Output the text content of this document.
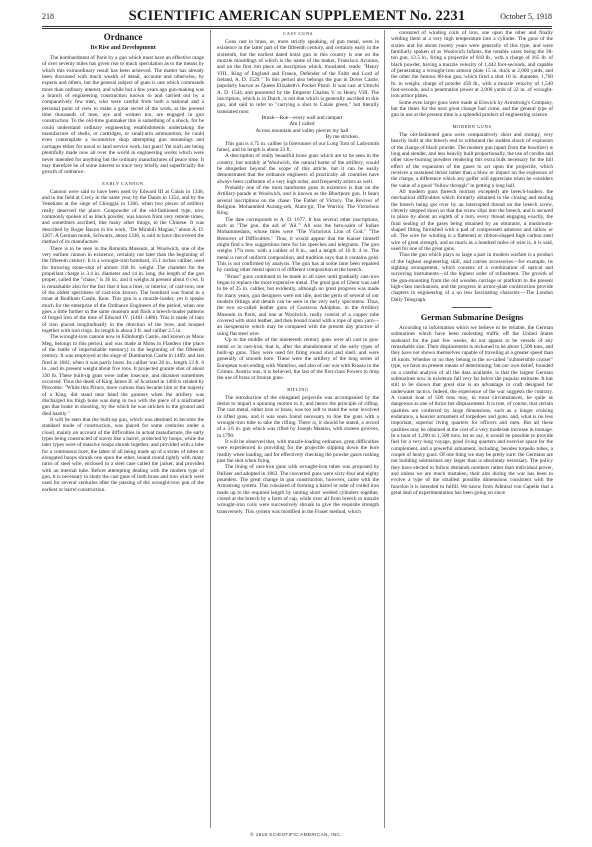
218	SCIENTIFIC AMERICAN SUPPLEMENT No. 2231	October 5, 1918
Ordnance
Its Rise and Development

The bombardment of Paris by a gun which must have an effective range of over seventy miles has given rise to much speculation as to the means by which this extraordinary result has been achieved. The matter has already been discussed with much wealth of detail, accurate and otherwise, by experts and others, but the general subject of guns is one which commands more than ordinary interest, and while but a few years ago gun-making was a branch of engineering construction known to and carried out by a comparatively few men, who were careful from both a national and a personal point of view to make a great secret of the work, at the present time thousands of men, aye and women too, are engaged in gun construction. To the old-time gunmaker this is something of a shock, for he could understand ordinary engineering establishments undertaking the manufacture of shells, or cartridges, or small-arm ammunition; he could even contemplate a locomotive shop attempting gun mountings and carriages either for naval or land service work, but guns! Yet such are being plentifully made now all over the world in engineering works which were never intended for anything but the ordinary manufactures of peace time. It may therefore be of some interest to trace very briefly and superficially the growth of ordnance.

EARLY CANNON

Cannon were said to have been used by Edward III at Calais in 1346, and in the field at Crecy in the same year, by the Danes in 1354, and by the Venetians at the siege of Chioggia in 1366, when two pieces of artillery really deserved the place. Gunpowder of the old-fashioned type, now commonly spoken of as black powder, was known from very remote times, and sometimes ascribed, like many other things, to the Chinese. It was described by Roger Bacon in his work, "De Mirabili Magiae," about A. D. 1267. A German monk, Schwartz, about 1336, is said to have discovered the method of its manufacture.

There is to be seen in the Rotunda Museum, at Woolwich, one of the very earliest cannon in existence, certainly not later than the beginning of the fifteenth century. It is a wrought-iron bombard, 15.1 inches caliber, used for throwing stone-shot of almost 160 lb. weight. The chamber for the propellant charge is 3.4 in. diameter and 14 in. long, the length of the gun proper, called the "chase," is 36 in., and it weighs at present about 6 cwt. It is remarkable also for the fact that it has a liner, or interior, of cast-iron, one of the oldest specimens of cast-iron known. The bombard was found in a moat at Bodiham Castle, Kent. This gun is a muzzle-loader, yet it speaks much for the enterprise of the Ordnance Engineers of the period, when one goes a little further in the same museum and finds a breech-loader patterns of forged iron of the time of Edward IV. (1461-1480). This is made of bars of iron placed longitudinally in the direction of the bore, and hooped together with iron rings. Its length is about 3 ft. and caliber 2.5 in.

The wrought-iron cannon now in Edinburgh Castle, and known as Mons Meg, belongs to this period, and was made at Mons in Flanders (the place of the battle of imperishable memory) in the beginning of the fifteenth century. It was employed at the siege of Dumbarton Castle in 1489, and last fired in 1682, when it was partly burst. Its caliber was 20 in., length 13 ft. 6 in., and its present weight about five tons. It projected granite shot of about 330 lb. These built-up guns were rather insecure, and disasters sometimes occurred. Thus the death of King James II. of Scotland in 1460 is related by Pitscottie: "While this Prince, more curious than became him or the majesty of a King, did stand near hand the gunners when the artillery was discharged his thigh bone was dung in two with the piece of a misframed gun that brake in shooting, by the which he was stricken to the ground and died hastily."

It will be seen that the built-up gun, which was destined to become the standard mode of construction, was placed for some centuries under a cloud, mainly on account of the difficulties in actual manufacture, the early types being constructed of staves like a barrel, protected by hoops, while the later types were of massive hoops shrunk together, and provided with a tube for a continuous bore, the latest of all being made up of a series of tubes or elongated hoops shrunk one upon the other, bound round tightly with many turns of steel wire, enclosed in a steel case called the jacket, and provided with an internal tube. Before attempting dealing with the modern type of gun, it is necessary to study the cast guns of both brass and iron which were used for several centuries after the passing of the wrought-iron gun of the earliest or barrel construction.

CAST GUNS

Guns cast in brass, or, more strictly speaking, of gun metal, were in existence in the latter part of the fifteenth century, and certainly early in the sixteenth, but the earliest dated brass gun in this country is one on the muzzle mouldings of which is the name of the maker, Francisco Arcanus, and on the first rim piece an inscription which, translated, reads: "Henry VIII., King of England and France, Defender of the Faith and Lord of Ireland, A. D. 1529." To this period also belongs the gun in Dover Castle, popularly known as Queen Elizabeth's Pocket Pistol. It was cast at Utrecht A. D. 1544, and presented by the Emperor Charles V. to Henry VIII. The inscription, which is in Dutch, is not that which is generally ascribed to this gun, and said to refer to "carrying a shot to Calais green," but literally translated runs:

Break—Rue—every wall and rampart

Am I called

Across mountain and valley pierces my ball

By me stricken.

This gun is 4.75 in. caliber (a forerunner of our Long Tom of Ladysmith fame), and its length is about 23 ft.

A description of really beautiful brass guns which are to be seen in the country, but notably at Woolwich, the natural home of the artillery, would be altogether beyond the scope of this article, but it can be easily demonstrated that the ordnance engineers of practically all countries have always been craftsmen of a very high order, and frequently artists as well.

Probably one of the most handsome guns in existence is that on the Artillery-parade at Woolwich, and is known as the Bhurtpore gun. It bears several inscriptions on the chase: The Father of Victory. The Reviver of Religion. Mohammed Aurang-zeb, Alam-gir, The Warrior, The Victorious King.

The date corresponds to A. D. 1677. It has several other inscriptions, such as "The gun, the aid of 'Ali.'" Ali was the hero-saint of Indian Mohammedans, whose titles were "The Victorious Lion of God," "The Remover of Difficulties." Thus, it would appear that the Kaiser himself might find a few suggestions here for his speeches and telegrams. The gun weighs 17¼ tons, with a caliber of 8 in., and a length of 16 ft. 4 in. The metal is not of uniform composition, and tradition says that it contains gold. This is not confirmed by analysis. The gun has at some time been repaired by casting other metal upon it of different composition at the breech.

"Brass" guns continued to be made in all sizes until gradually cast-iron began to replace the more expensive metal. The great gun of Ghent was said to be of 25 in. caliber, but evidently, although no great progress was made for many years, gun designers were not idle, and the germ of several of our modern fittings and details can be seen in the very early specimens. Thus, the two so-called leather guns of Gustavus Adolphus, in the Artillery Museum in Paris, and one at Woolwich, really consist of a copper tube covered with stout leather, and then bound round with a rope of spun yarn—an inexpensive which may be compared with the present day practice of using flat steel wire.

Up to the middle of the nineteenth century guns were all cast in gun-metal or in cast-iron, that is, after the abandonment of the early types of built-up guns. They were used for firing round shot and shell, and were generally of smooth bore. These were the artillery of the long series of European wars ending with Waterloo, and also of our war with Russia in the Crimea. Austria was, it is believed, the last of the first-class Powers to drop the use of brass or bronze guns.

RIFLING

The introduction of the elongated projectile was accompanied by the desire to impart a spinning motion to it, and hence the principle of rifling. The cast metal, either iron or brass, was too soft to stand the wear involved in rifled guns, and it was soon found necessary to line the guns with a wrought-iron tube to take the rifling. There is, it should be stated, a record of a 3.6 in. gun which was rifled by Joseph Manton, with sixteen grooves, in 1790.

It will be observed that, with muzzle-loading ordnance, great difficulties were experienced in providing for the projectile slipping down the bore readily when loading, and for effectively checking the powder gases rushing past the shot when firing.

The lining of cast-iron guns with wrought-iron tubes was proposed by Palliser and adopted in 1863. The converted guns were sixty-four and eighty pounders. The great change in gun construction, however, came with the Armstrong system. This consisted of forming a barrel or tube of coiled iron made up to the required length by uniting short welded cylinders together, closed at the breech by a form of cap, while over all from breech to muzzle wrought-iron coils were successively shrunk to give the requisite strength transversely. This system was modified in the Fraser method, which

consisted of winding coils of iron, one upon the other and finally welding them at a very high temperature into a cylinder. The guns of the sixties and for about twenty years were generally of this type, and were familiarly spoken of as Woolwich Infants, the notable cases being the 38-ton gun, 12.5 in., firing a projectile of 818 lb., with a charge of 165 lb. of black powder, having a muzzle velocity of 1,442 foot-seconds, and capable of penetrating a wrought-iron armour plate 15 in. thick at 2,000 yards, and the other the famous 80-ton gun, which fired a shot 16 in. diameter, 1,700 lb. in weight, charge of powder 450 lb., with a muzzle velocity of 1,540 foot-seconds, and a penetration power at 2,000 yards of 22 in. of wrought-iron armor plates.

Some even larger guns were made at Elswick by Armstrong's Company, but the times for the next great change had come, and the general type of gun in use at the present time is a splendid product of engineering science.

MODERN GUNS

The old-fashioned guns were comparatively short and stumpy, very heavily built at the breech end to withstand the sudden shock of explosion of the charge of black powder. The modern gun (apart from the howitzer) is long and slender, and less heavily built proportionally, the use of cordite and other slow-burning powders rendering this extra bulk necessary for the full effect of the expansion of the gases to act upon the projectile, which receives a sustained thrust rather than a blow or impact on the explosion of the charge, a difference which any golfer will appreciate when he considers the value of a good "follow through" in getting a long ball.

All modern guns (breech mortars excepted) are breech-loaders, the mechanical difficulties which formerly obtained in the closing and sealing the breech being got over by an interrupted thread on the breech screw, cleverly stepped down so that the screw slips into the breech, and is secured in place by about an eighth of a turn, every thread engaging exactly, the final sealing of the gases being obtained by an obturator, a mushroom-shaped fitting furnished with a pad of compressed asbestos and tallow or oil. The wire for winding is a flattened or ribbon-shaped high carbon steel wire of great strength, and as much as a hundred miles of wire is, it is said, used for one of the great guns.

Thus the gun which plays so large a part in modern warfare is a product of the highest engineering skill, and carries accessories—for example, its sighting arrangement, which consists of a combination of optical and surveying instruments—of the highest order of refinement. The growth of the gun-mounting from the old wooden carriage or platform to the present high-class mechanism, and the progress in armor-plate construction provide chapters in engineering of a no less fascinating character.—The London Daily Telegraph.

German Submarine Designs

According to information which we believe to be reliable, the German submarines which have been molesting traffic off the United States seaboard for the past few weeks, do not appear to be vessels of any remarkable size. Their displacement is reckoned to be about 1,500 tons, and they have not shown themselves capable of traveling at a greater speed than 18 knots. Whether or no they belong to the so-called "submersible cruiser" type, we have no present means of determining; but our own belief, founded on a careful analysis of all the data available, is that the largest German submarines now in existence fall very far below the popular estimate. It has still to be shown that great size is an advantage in craft designed for underwater tactics. Indeed, the experience of the war suggests the contrary. A coastal boat of 500 tons may, in most circumstances, be quite as dangerous as one of thrice her displacement. It is true, of course, that certain qualities are conferred by large dimensions, such as a longer cruising endurance, a heavier armament of torpedoes and guns, and, what is no less important, superior living quarters for officers and men. But all these qualities may be obtained at the cost of a very moderate increase in tonnage. In a boat of 1,200 to 1,500 tons, let us say, it would be possible to provide fuel for a very long voyage, good living quarters and exercise space for the complement, and a powerful armament, including, besides torpedo tubes, a couple of heavy guns. Of one thing we may be pretty sure: the Germans are not building submarines any larger than is absolutely necessary. The policy they have elected to follow demands numbers rather than individual power, and unless we are much mistaken, their aim during the war has been to evolve a type of the smallest possible dimensions consistent with the function it is intended to fulfill. We know from Admiral von Capelle that a great deal of experimentation has been going on since

© 1918 SCIENTIFIC AMERICAN, INC.
